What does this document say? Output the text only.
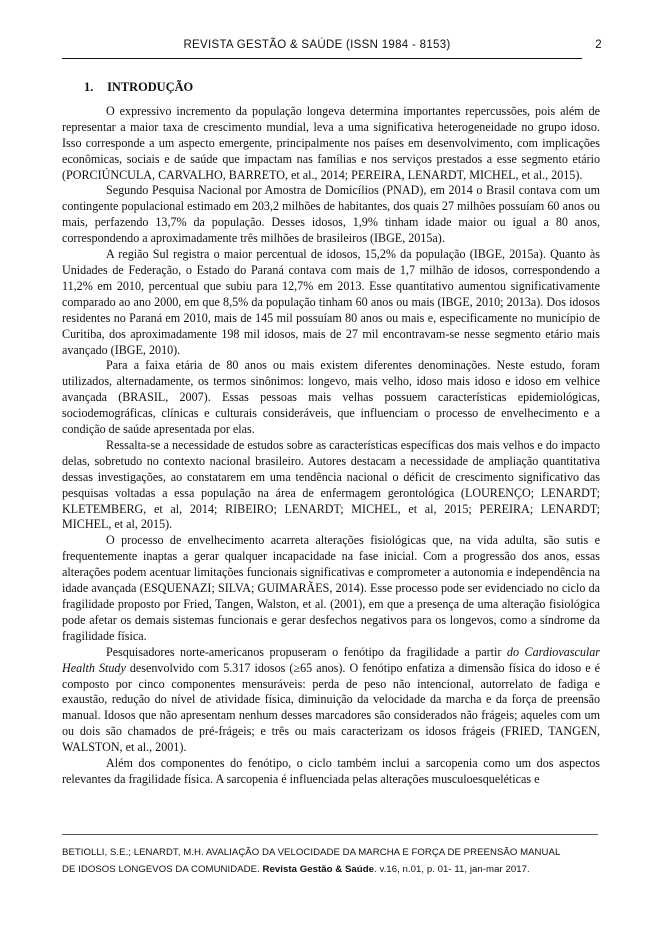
REVISTA GESTÃO & SAÚDE (ISSN 1984 - 8153)	2
1. INTRODUÇÃO

O expressivo incremento da população longeva determina importantes repercussões, pois além de representar a maior taxa de crescimento mundial, leva a uma significativa heterogeneidade no grupo idoso. Isso corresponde a um aspecto emergente, principalmente nos países em desenvolvimento, com implicações econômicas, sociais e de saúde que impactam nas famílias e nos serviços prestados a esse segmento etário (PORCIÚNCULA, CARVALHO, BARRETO, et al., 2014; PEREIRA, LENARDT, MICHEL, et al., 2015).

Segundo Pesquisa Nacional por Amostra de Domicílios (PNAD), em 2014 o Brasil contava com um contingente populacional estimado em 203,2 milhões de habitantes, dos quais 27 milhões possuíam 60 anos ou mais, perfazendo 13,7% da população. Desses idosos, 1,9% tinham idade maior ou igual a 80 anos, correspondendo a aproximadamente três milhões de brasileiros (IBGE, 2015a).

A região Sul registra o maior percentual de idosos, 15,2% da população (IBGE, 2015a). Quanto às Unidades de Federação, o Estado do Paraná contava com mais de 1,7 milhão de idosos, correspondendo a 11,2% em 2010, percentual que subiu para 12,7% em 2013. Esse quantitativo aumentou significativamente comparado ao ano 2000, em que 8,5% da população tinham 60 anos ou mais (IBGE, 2010; 2013a). Dos idosos residentes no Paraná em 2010, mais de 145 mil possuíam 80 anos ou mais e, especificamente no município de Curitiba, dos aproximadamente 198 mil idosos, mais de 27 mil encontravam-se nesse segmento etário mais avançado (IBGE, 2010).

Para a faixa etária de 80 anos ou mais existem diferentes denominações. Neste estudo, foram utilizados, alternadamente, os termos sinônimos: longevo, mais velho, idoso mais idoso e idoso em velhice avançada (BRASIL, 2007). Essas pessoas mais velhas possuem características epidemiológicas, sociodemográficas, clínicas e culturais consideráveis, que influenciam o processo de envelhecimento e a condição de saúde apresentada por elas.

Ressalta-se a necessidade de estudos sobre as características específicas dos mais velhos e do impacto delas, sobretudo no contexto nacional brasileiro. Autores destacam a necessidade de ampliação quantitativa dessas investigações, ao constatarem em uma tendência nacional o déficit de crescimento significativo das pesquisas voltadas a essa população na área de enfermagem gerontológica (LOURENÇO; LENARDT; KLETEMBERG, et al, 2014; RIBEIRO; LENARDT; MICHEL, et al, 2015; PEREIRA; LENARDT; MICHEL, et al, 2015).

O processo de envelhecimento acarreta alterações fisiológicas que, na vida adulta, são sutis e frequentemente inaptas a gerar qualquer incapacidade na fase inicial. Com a progressão dos anos, essas alterações podem acentuar limitações funcionais significativas e comprometer a autonomia e independência na idade avançada (ESQUENAZI; SILVA; GUIMARÃES, 2014). Esse processo pode ser evidenciado no ciclo da fragilidade proposto por Fried, Tangen, Walston, et al. (2001), em que a presença de uma alteração fisiológica pode afetar os demais sistemas funcionais e gerar desfechos negativos para os longevos, como a síndrome da fragilidade física.

Pesquisadores norte-americanos propuseram o fenótipo da fragilidade a partir do Cardiovascular Health Study desenvolvido com 5.317 idosos (≥65 anos). O fenótipo enfatiza a dimensão física do idoso e é composto por cinco componentes mensuráveis: perda de peso não intencional, autorrelato de fadiga e exaustão, redução do nível de atividade física, diminuição da velocidade da marcha e da força de preensão manual. Idosos que não apresentam nenhum desses marcadores são considerados não frágeis; aqueles com um ou dois são chamados de pré-frágeis; e três ou mais caracterizam os idosos frágeis (FRIED, TANGEN, WALSTON, et al., 2001).

Além dos componentes do fenótipo, o ciclo também inclui a sarcopenia como um dos aspectos relevantes da fragilidade física. A sarcopenia é influenciada pelas alterações musculoesqueléticas e

BETIOLLI, S.E.; LENARDT, M.H. AVALIAÇÃO DA VELOCIDADE DA MARCHA E FORÇA DE PREENSÃO MANUAL
DE IDOSOS LONGEVOS DA COMUNIDADE. Revista Gestão & Saúde. v.16, n.01, p. 01- 11, jan-mar 2017.
